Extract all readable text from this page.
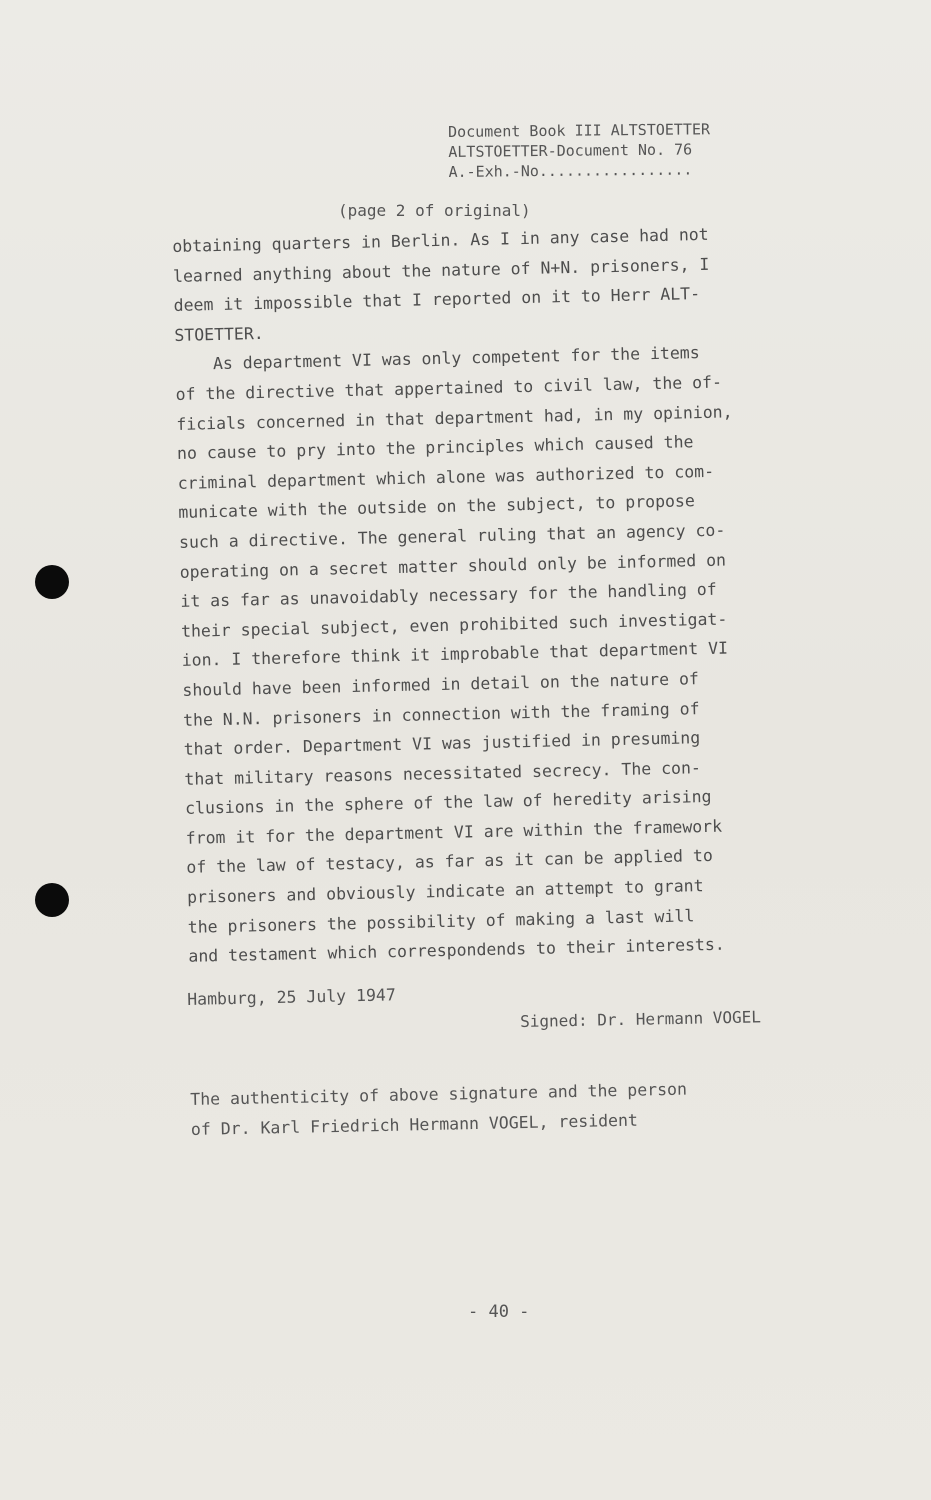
Document Book III ALTSTOETTER
ALTSTOETTER-Document No. 76
A.-Exh.-No.................
(page 2 of original)
obtaining quarters in Berlin. As I in any case had not
learned anything about the nature of N+N. prisoners, I
deem it impossible that I reported on it to Herr ALT-
STOETTER.
As department VI was only competent for the items
of the directive that appertained to civil law, the of-
ficials concerned in that department had, in my opinion,
no cause to pry into the principles which caused the
criminal department which alone was authorized to com-
municate with the outside on the subject, to propose
such a directive. The general ruling that an agency co-
operating on a secret matter should only be informed on
it as far as unavoidably necessary for the handling of
their special subject, even prohibited such investigat-
ion. I therefore think it improbable that department VI
should have been informed in detail on the nature of
the N.N. prisoners in connection with the framing of
that order. Department VI was justified in presuming
that military reasons necessitated secrecy. The con-
clusions in the sphere of the law of heredity arising
from it for the department VI are within the framework
of the law of testacy, as far as it can be applied to
prisoners and obviously indicate an attempt to grant
the prisoners the possibility of making a last will
and testament which correspondends to their interests.
Hamburg, 25 July 1947
Signed: Dr. Hermann VOGEL
The authenticity of above signature and the person
of Dr. Karl Friedrich Hermann VOGEL, resident
- 40 -
